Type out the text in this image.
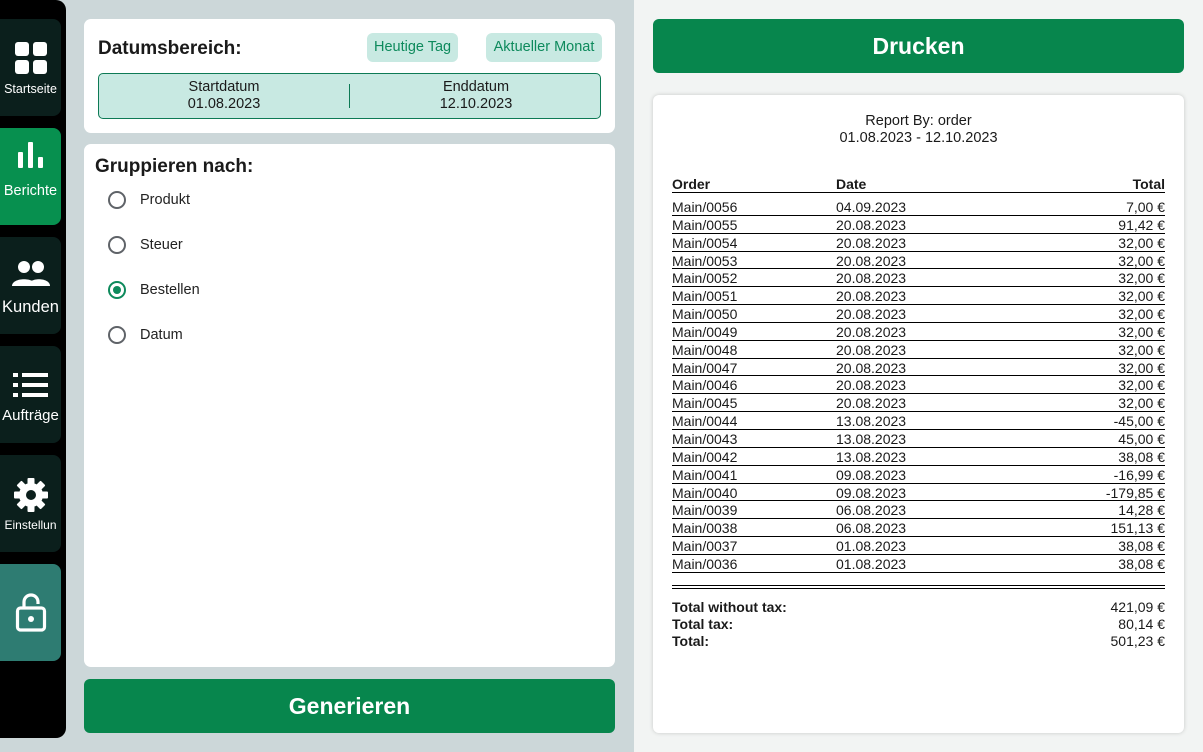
Startseite
Berichte
Kunden
Aufträge
Einstellun
Datumsbereich:	Heutige Tag	Aktueller Monat
Startdatum
01.08.2023
Enddatum
12.10.2023
Gruppieren nach:
Produkt
Steuer
Bestellen
Datum
Generieren
Drucken
Report By: order
01.08.2023 - 12.10.2023
Order	Date	Total
Main/0056	04.09.2023	7,00 €
Main/0055	20.08.2023	91,42 €
Main/0054	20.08.2023	32,00 €
Main/0053	20.08.2023	32,00 €
Main/0052	20.08.2023	32,00 €
Main/0051	20.08.2023	32,00 €
Main/0050	20.08.2023	32,00 €
Main/0049	20.08.2023	32,00 €
Main/0048	20.08.2023	32,00 €
Main/0047	20.08.2023	32,00 €
Main/0046	20.08.2023	32,00 €
Main/0045	20.08.2023	32,00 €
Main/0044	13.08.2023	-45,00 €
Main/0043	13.08.2023	45,00 €
Main/0042	13.08.2023	38,08 €
Main/0041	09.08.2023	-16,99 €
Main/0040	09.08.2023	-179,85 €
Main/0039	06.08.2023	14,28 €
Main/0038	06.08.2023	151,13 €
Main/0037	01.08.2023	38,08 €
Main/0036	01.08.2023	38,08 €
Total without tax:	421,09 €
Total tax:	80,14 €
Total:	501,23 €
